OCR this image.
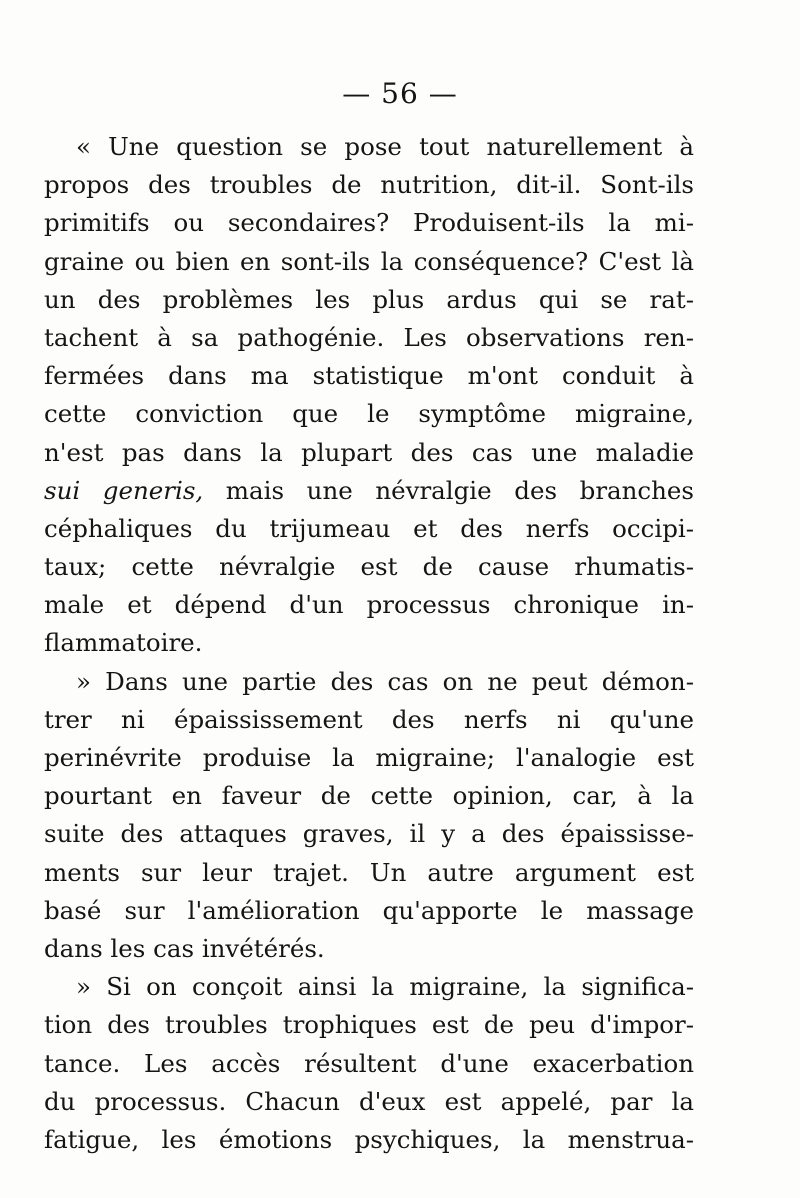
— 56 —
« Une question se pose tout naturellement à
propos des troubles de nutrition, dit-il. Sont-ils
primitifs ou secondaires? Produisent-ils la mi-
graine ou bien en sont-ils la conséquence? C'est là
un des problèmes les plus ardus qui se rat-
tachent à sa pathogénie. Les observations ren-
fermées dans ma statistique m'ont conduit à
cette conviction que le symptôme migraine,
n'est pas dans la plupart des cas une maladie
sui generis, mais une névralgie des branches
céphaliques du trijumeau et des nerfs occipi-
taux; cette névralgie est de cause rhumatis-
male et dépend d'un processus chronique in-
flammatoire.
» Dans une partie des cas on ne peut démon-
trer ni épaississement des nerfs ni qu'une
perinévrite produise la migraine; l'analogie est
pourtant en faveur de cette opinion, car, à la
suite des attaques graves, il y a des épaississe-
ments sur leur trajet. Un autre argument est
basé sur l'amélioration qu'apporte le massage
dans les cas invétérés.
» Si on conçoit ainsi la migraine, la significa-
tion des troubles trophiques est de peu d'impor-
tance. Les accès résultent d'une exacerbation
du processus. Chacun d'eux est appelé, par la
fatigue, les émotions psychiques, la menstrua-
